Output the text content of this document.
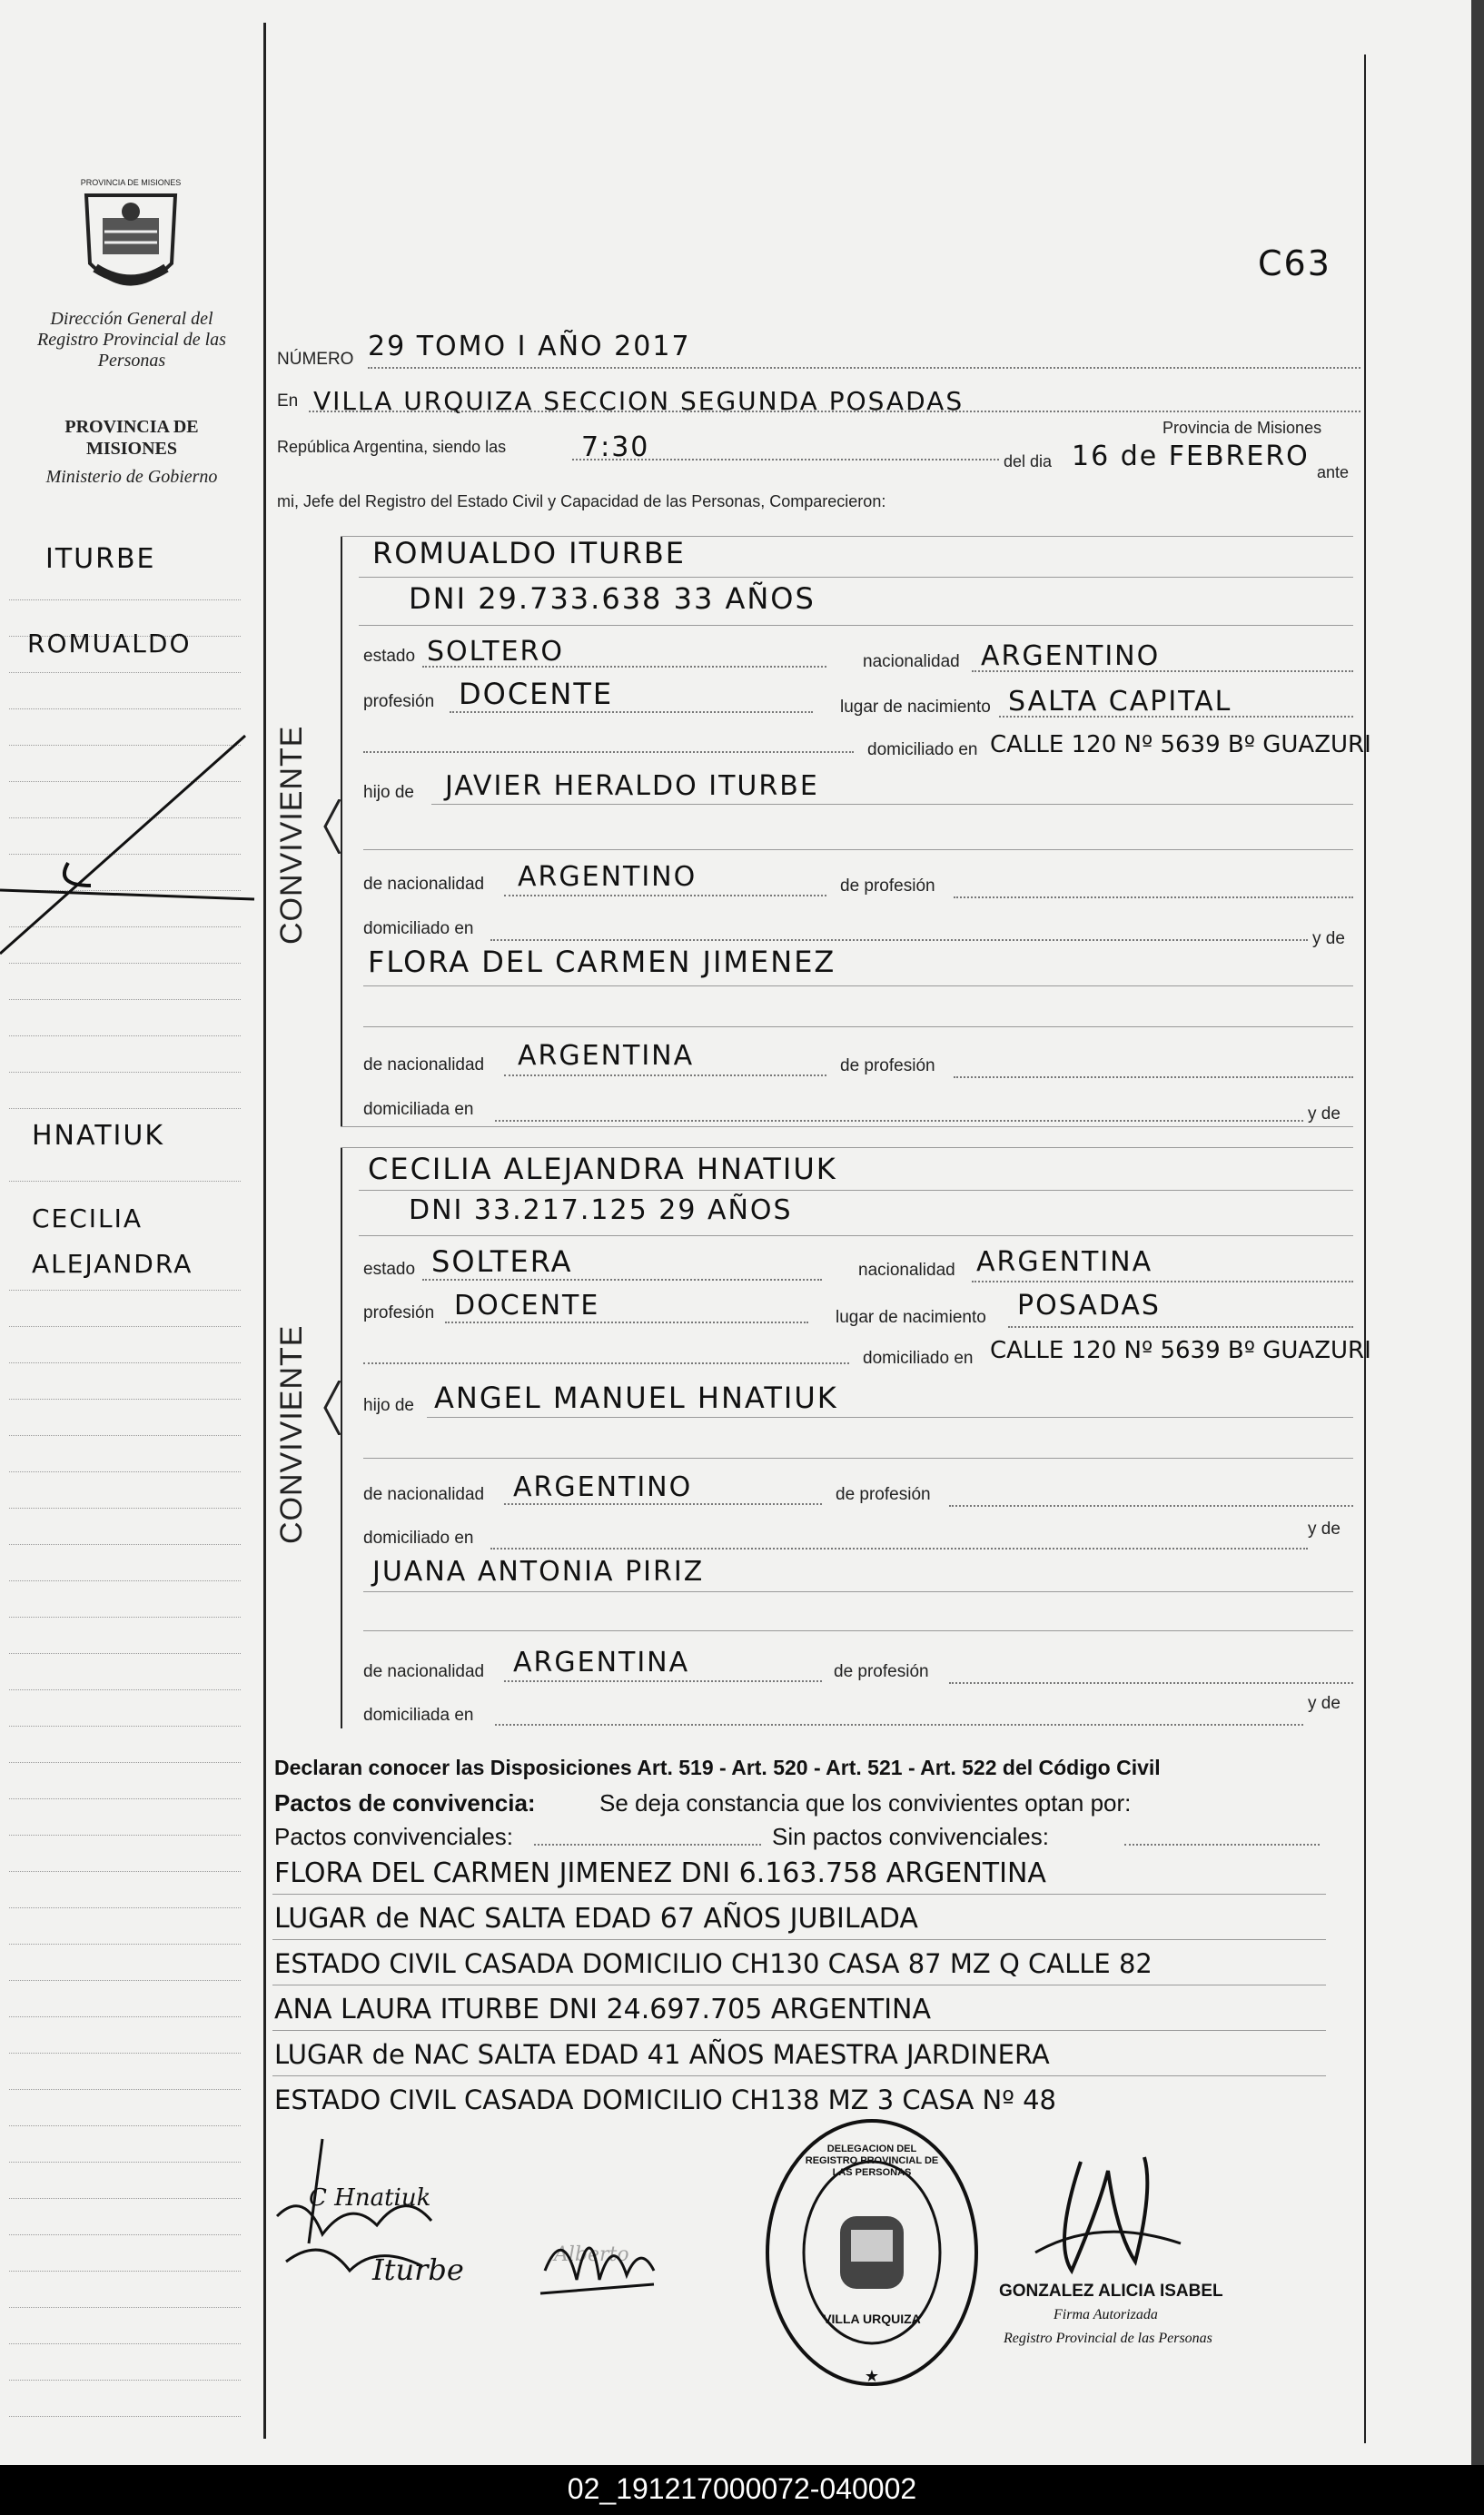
PROVINCIA DE MISIONES
Dirección General del Registro Provincial de las Personas
PROVINCIA DE MISIONES
Ministerio de Gobierno
C63
NÚMERO 29 TOMO I AÑO 2017
En VILLA URQUIZA SECCION SEGUNDA POSADAS
República Argentina, siendo las	7:30
Provincia de Misiones
del dia 16 de FEBRERO ante
mi, Jefe del Registro del Estado Civil y Capacidad de las Personas, Comparecieron:
ITURBE
ROMUALDO
HNATIUK
CECILIA
ALEJANDRA
CONVIVIENTE
ROMUALDO ITURBE
DNI 29.733.638 33 AÑOS
estado SOLTERO	nacionalidad ARGENTINO
profesión DOCENTE	lugar de nacimiento SALTA CAPITAL
domiciliado en CALLE 120 Nº 5639 Bº GUAZURI
hijo de JAVIER HERALDO ITURBE
de nacionalidad ARGENTINO	de profesión
domiciliado en
y de
FLORA DEL CARMEN JIMENEZ
de nacionalidad ARGENTINA	de profesión
domiciliada en	y de
CONVIVIENTE
CECILIA ALEJANDRA HNATIUK
DNI 33.217.125 29 AÑOS
estado SOLTERA	nacionalidad ARGENTINA
profesión DOCENTE	lugar de nacimiento POSADAS
domiciliado en CALLE 120 Nº 5639 Bº GUAZURI
hijo de ANGEL MANUEL HNATIUK
de nacionalidad ARGENTINO	de profesión
domiciliado en	y de
JUANA ANTONIA PIRIZ
de nacionalidad ARGENTINA	de profesión
domiciliada en
y de
Declaran conocer las Disposiciones Art. 519 - Art. 520 - Art. 521 - Art. 522 del Código Civil
Pactos de convivencia:	Se deja constancia que los convivientes optan por:
Pactos convivenciales:	Sin pactos convivenciales:
FLORA DEL CARMEN JIMENEZ DNI 6.163.758 ARGENTINA
LUGAR de NAC SALTA EDAD 67 AÑOS JUBILADA
ESTADO CIVIL CASADA DOMICILIO CH130 CASA 87 MZ Q CALLE 82
ANA LAURA ITURBE DNI 24.697.705 ARGENTINA
LUGAR de NAC SALTA EDAD 41 AÑOS MAESTRA JARDINERA
ESTADO CIVIL CASADA DOMICILIO CH138 MZ 3 CASA Nº 48
C Hnatiuk
Iturbe	Alberto
★
DELEGACION DEL REGISTRO PROVINCIAL DE LAS PERSONAS
VILLA URQUIZA
GONZALEZ ALICIA ISABEL
Firma Autorizada
Registro Provincial de las Personas
02_191217000072-040002
